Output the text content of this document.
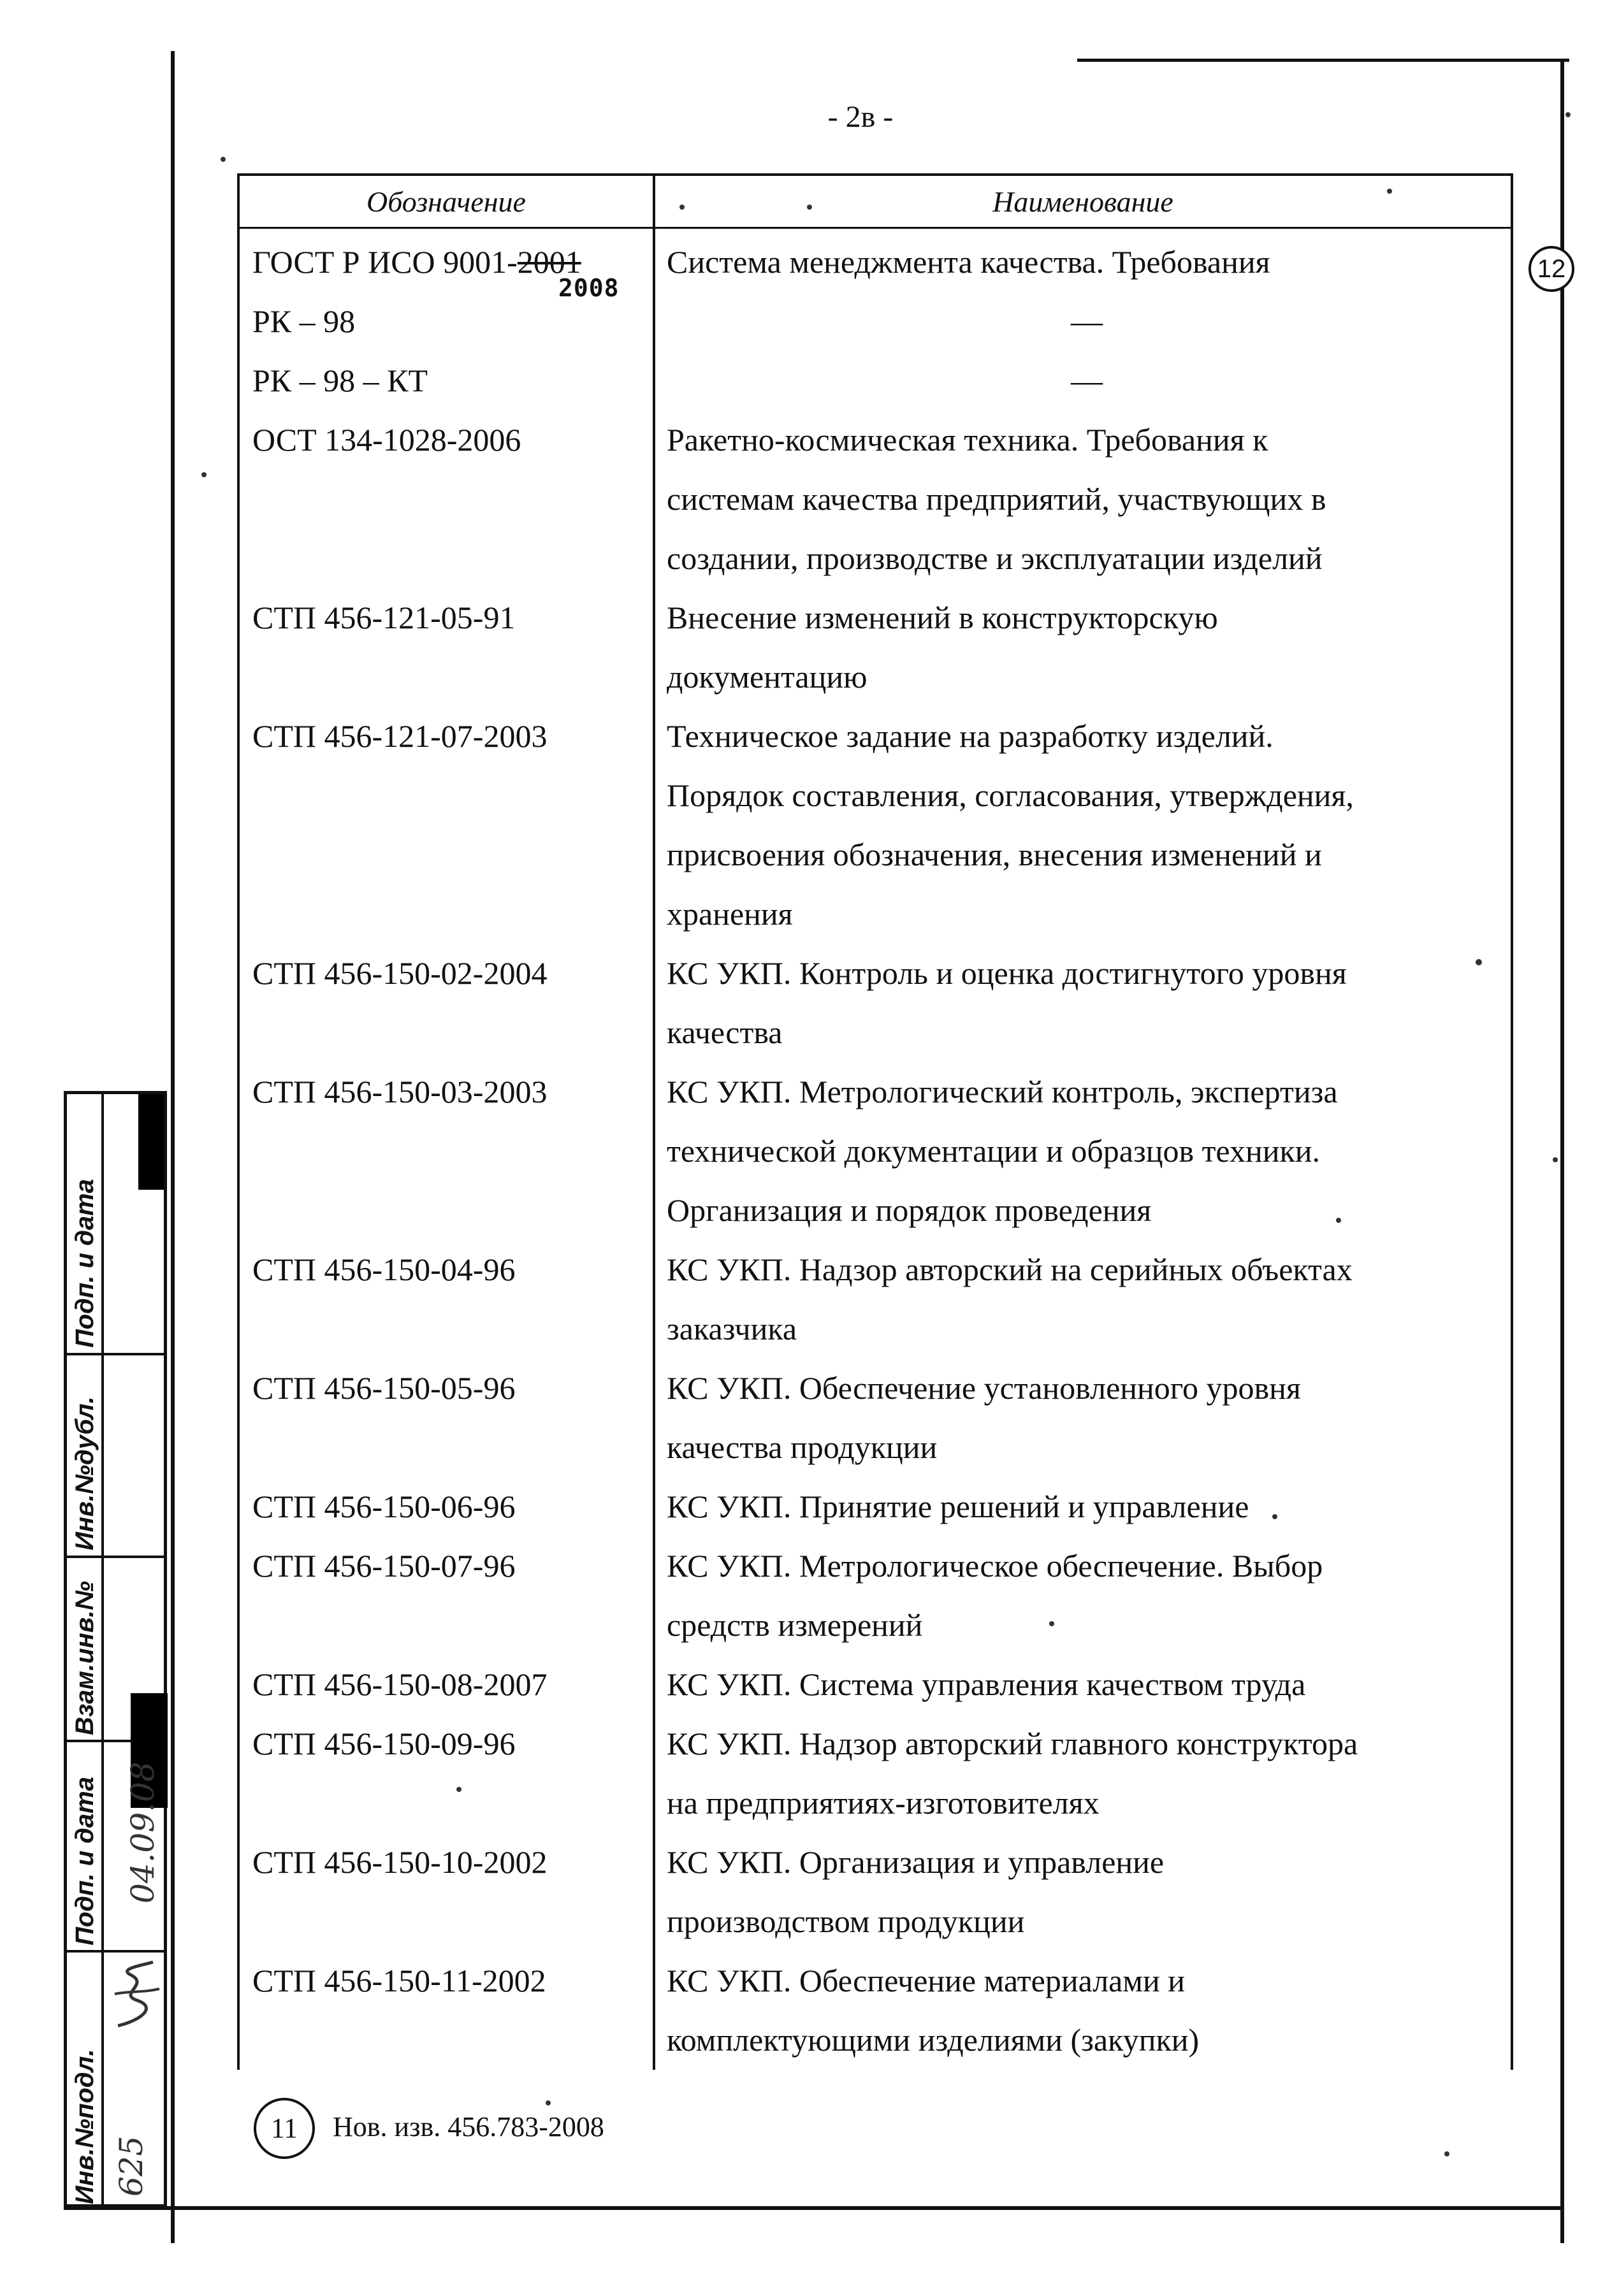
- 2в -
Обозначение	Наименование
ГОСТ Р ИСО 9001-2001	Система менеджмента качества. Требования
РК – 98	—
РК – 98 – КТ	—
ОСТ 134-1028-2006	Ракетно-космическая техника. Требования к
системам качества предприятий, участвующих в
создании, производстве и эксплуатации изделий
СТП 456-121-05-91	Внесение изменений в конструкторскую
документацию
СТП 456-121-07-2003	Техническое задание на разработку изделий.
Порядок составления, согласования, утверждения,
присвоения обозначения, внесения изменений и
хранения
СТП 456-150-02-2004	КС УКП. Контроль и оценка достигнутого уровня
качества
СТП 456-150-03-2003	КС УКП. Метрологический контроль, экспертиза
технической документации и образцов техники.
Организация и порядок проведения
СТП 456-150-04-96	КС УКП. Надзор авторский на серийных объектах
заказчика
СТП 456-150-05-96	КС УКП. Обеспечение установленного уровня
качества продукции
СТП 456-150-06-96	КС УКП. Принятие решений и управление
СТП 456-150-07-96	КС УКП. Метрологическое обеспечение. Выбор
средств измерений
СТП 456-150-08-2007	КС УКП. Система управления качеством труда
СТП 456-150-09-96	КС УКП. Надзор авторский главного конструктора
на предприятиях-изготовителях
СТП 456-150-10-2002	КС УКП. Организация и управление
производством продукции
СТП 456-150-11-2002	КС УКП. Обеспечение материалами и
комплектующими изделиями (закупки)
2008
12
11	Нов. изв. 456.783-2008
Инв.№подл.
Подп. и дата
Взам.инв.№
Инв.№дубл.
Подп. и дата
625
04.09.08
